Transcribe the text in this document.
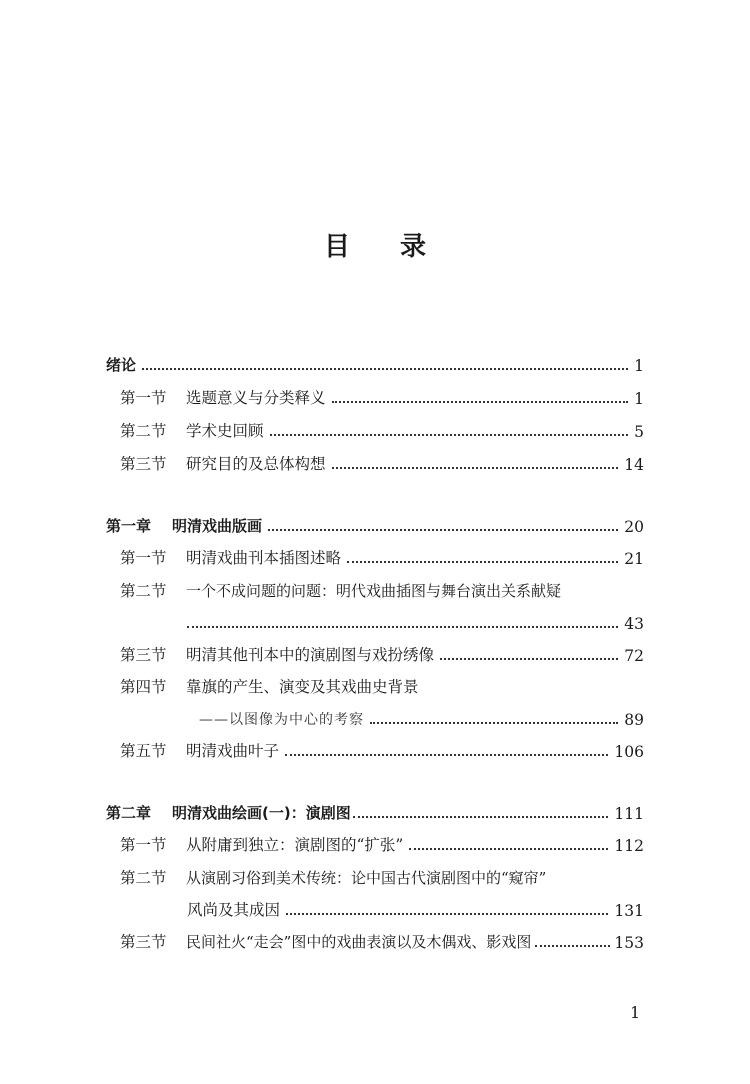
目 录
绪论	1
第一节	选题意义与分类释义	1
第二节	学术史回顾	5
第三节	研究目的及总体构想	14
第一章	明清戏曲版画	20
第一节	明清戏曲刊本插图述略	21
第二节	一个不成问题的问题：明代戏曲插图与舞台演出关系献疑
43
第三节	明清其他刊本中的演剧图与戏扮绣像	72
第四节	靠旗的产生、演变及其戏曲史背景
——以图像为中心的考察	89
第五节	明清戏曲叶子	106
第二章	明清戏曲绘画(一)：演剧图	111
第一节	从附庸到独立：演剧图的“扩张”	112
第二节	从演剧习俗到美术传统：论中国古代演剧图中的“窥帘”
风尚及其成因	131
第三节	民间社火“走会”图中的戏曲表演以及木偶戏、影戏图	153
1
